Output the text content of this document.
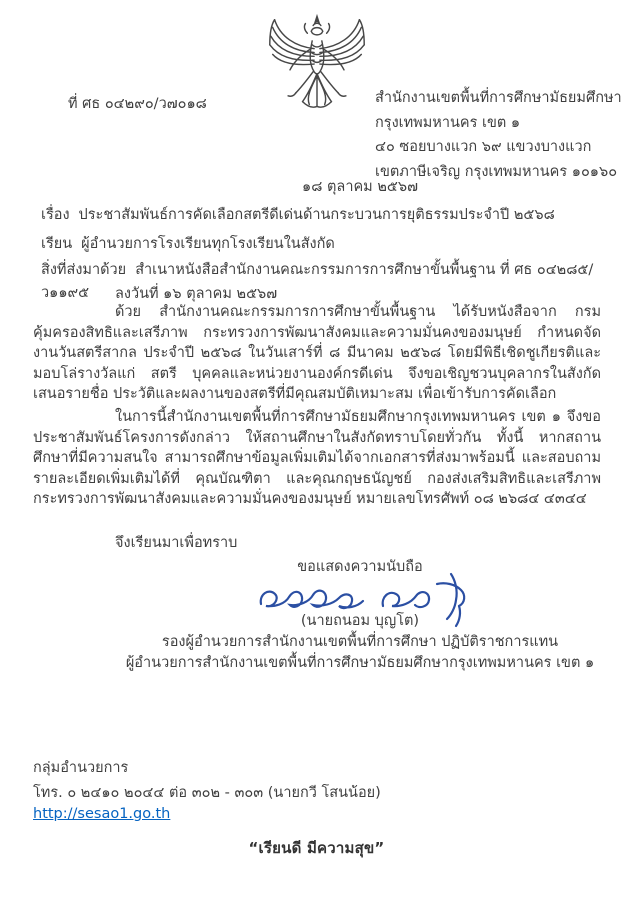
ที่ ศธ ๐๔๒๙๐/ว๗๐๑๘	สำนักงานเขตพื้นที่การศึกษามัธยมศึกษา
กรุงเทพมหานคร เขต ๑
๔๐ ซอยบางแวก ๖๙ แขวงบางแวก
เขตภาษีเจริญ กรุงเทพมหานคร ๑๐๑๖๐
๑๘ ตุลาคม ๒๕๖๗
เรื่อง ประชาสัมพันธ์การคัดเลือกสตรีดีเด่นด้านกระบวนการยุติธรรมประจำปี ๒๕๖๘
เรียน ผู้อำนวยการโรงเรียนทุกโรงเรียนในสังกัด
สิ่งที่ส่งมาด้วย สำเนาหนังสือสำนักงานคณะกรรมการการศึกษาขั้นพื้นฐาน ที่ ศธ ๐๔๒๘๕/ว๑๑๙๕	ลงวันที่ ๑๖ ตุลาคม ๒๕๖๗
ด้วย สำนักงานคณะกรรมการการศึกษาขั้นพื้นฐาน ได้รับหนังสือจาก กรมคุ้มครองสิทธิและเสรีภาพ กระทรวงการพัฒนาสังคมและความมั่นคงของมนุษย์ กำหนดจัดงานวันสตรีสากล ประจำปี ๒๕๖๘ ในวันเสาร์ที่ ๘ มีนาคม ๒๕๖๘ โดยมีพิธีเชิดชูเกียรติและมอบโล่รางวัลแก่ สตรี บุคคลและหน่วยงานองค์กรดีเด่น จึงขอเชิญชวนบุคลากรในสังกัด เสนอรายชื่อ ประวัติและผลงานของสตรีที่มีคุณสมบัติเหมาะสม เพื่อเข้ารับการคัดเลือก
ในการนี้สำนักงานเขตพื้นที่การศึกษามัธยมศึกษากรุงเทพมหานคร เขต ๑ จึงขอประชาสัมพันธ์โครงการดังกล่าว ให้สถานศึกษาในสังกัดทราบโดยทั่วกัน ทั้งนี้ หากสถานศึกษาที่มีความสนใจ สามารถศึกษาข้อมูลเพิ่มเติมได้จากเอกสารที่ส่งมาพร้อมนี้ และสอบถามรายละเอียดเพิ่มเติมได้ที่ คุณบัณฑิตา และคุณกฤษธนัญชย์ กองส่งเสริมสิทธิและเสรีภาพกระทรวงการพัฒนาสังคมและความมั่นคงของมนุษย์ หมายเลขโทรศัพท์ ๐๘ ๒๖๘๔ ๔๓๔๔
จึงเรียนมาเพื่อทราบ
ขอแสดงความนับถือ
(นายถนอม บุญโต)
รองผู้อำนวยการสำนักงานเขตพื้นที่การศึกษา ปฏิบัติราชการแทน
ผู้อำนวยการสำนักงานเขตพื้นที่การศึกษามัธยมศึกษากรุงเทพมหานคร เขต ๑
กลุ่มอำนวยการ
โทร. ๐ ๒๔๑๐ ๒๐๔๔ ต่อ ๓๐๒ - ๓๐๓ (นายกวี โสนน้อย)
http://sesao1.go.th
“เรียนดี มีความสุข”
